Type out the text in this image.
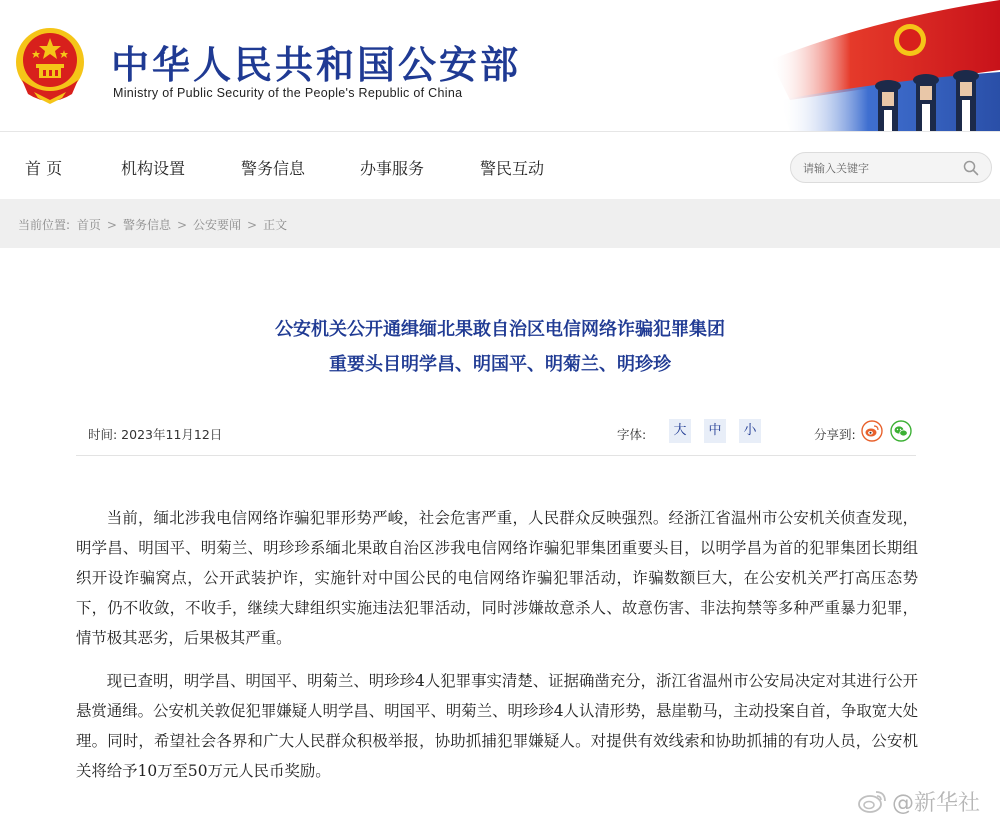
中华人民共和国公安部
Ministry of Public Security of the People's Republic of China
首 页	机构设置	警务信息	办事服务	警民互动
请输入关键字
当前位置: 首页 > 警务信息 > 公安要闻 > 正文
公安机关公开通缉缅北果敢自治区电信网络诈骗犯罪集团
重要头目明学昌、明国平、明菊兰、明珍珍
时间: 2023年11月12日	字体:	大	中	小	分享到:
当前，缅北涉我电信网络诈骗犯罪形势严峻，社会危害严重，人民群众反映强烈。经浙江省温州市公安机关侦查发现，明学昌、明国平、明菊兰、明珍珍系缅北果敢自治区涉我电信网络诈骗犯罪集团重要头目，以明学昌为首的犯罪集团长期组织开设诈骗窝点，公开武装护诈，实施针对中国公民的电信网络诈骗犯罪活动，诈骗数额巨大，在公安机关严打高压态势下，仍不收敛，不收手，继续大肆组织实施违法犯罪活动，同时涉嫌故意杀人、故意伤害、非法拘禁等多种严重暴力犯罪，情节极其恶劣，后果极其严重。
现已查明，明学昌、明国平、明菊兰、明珍珍4人犯罪事实清楚、证据确凿充分，浙江省温州市公安局决定对其进行公开悬赏通缉。公安机关敦促犯罪嫌疑人明学昌、明国平、明菊兰、明珍珍4人认清形势，悬崖勒马，主动投案自首，争取宽大处理。同时，希望社会各界和广大人民群众积极举报，协助抓捕犯罪嫌疑人。对提供有效线索和协助抓捕的有功人员，公安机关将给予10万至50万元人民币奖励。
@新华社
